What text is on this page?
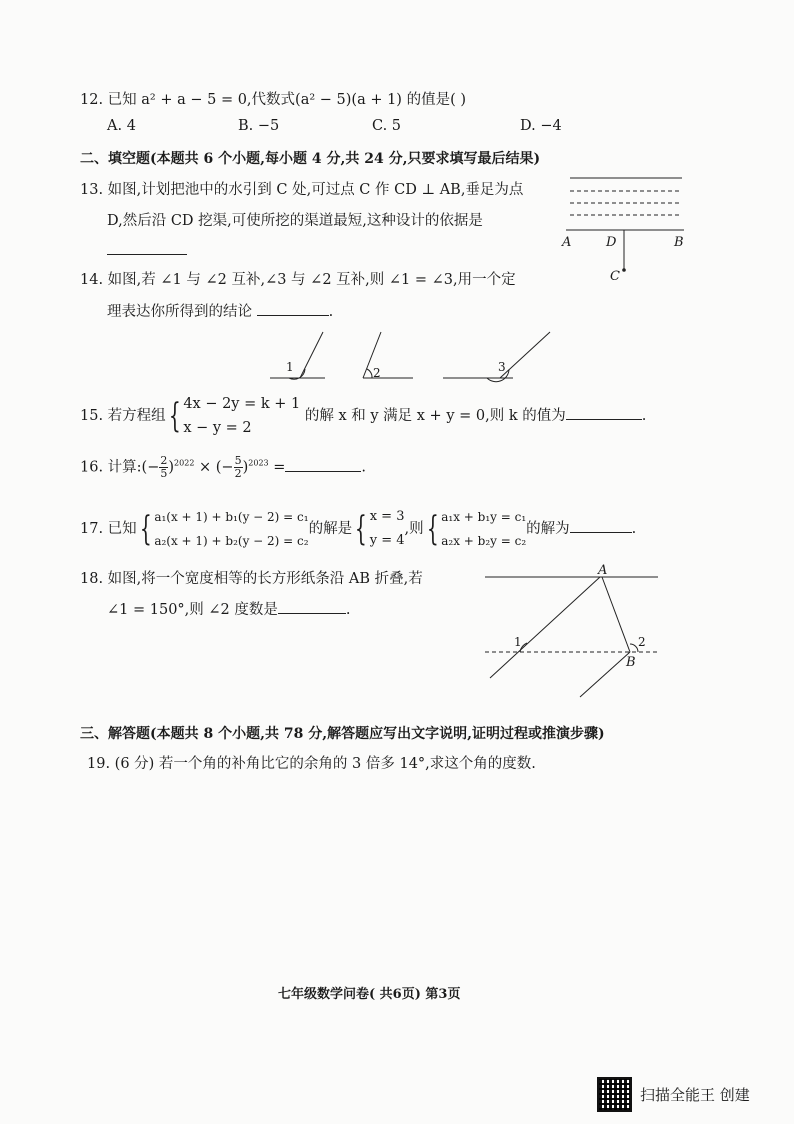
12. 已知 a² + a − 5 = 0,代数式(a² − 5)(a + 1) 的值是( )
A. 4	B. −5	C. 5	D. −4
二、填空题(本题共 6 个小题,每小题 4 分,共 24 分,只要求填写最后结果)
13. 如图,计划把池中的水引到 C 处,可过点 C 作 CD ⊥ AB,垂足为点
D,然后沿 CD 挖渠,可使所挖的渠道最短,这种设计的依据是
A	D	B
C
14. 如图,若 ∠1 与 ∠2 互补,∠3 与 ∠2 互补,则 ∠1 = ∠3,用一个定
理表达你所得到的结论	.
1	2	3
15. 若方程组{ 4x − 2y = k + 1
x − y = 2
的解 x 和 y 满足 x + y = 0,则 k 的值为	.
16. 计算:(− $\frac{2}{5} )^{2022}$ × (− $\frac{5}{2} )^{2023}$ =	.
17. 已知{ a₁(x + 1) + b₁(y − 2) = c₁
a₂(x + 1) + b₂(y − 2) = c₂
的解是{ x = 3
y = 4
,则{ a₁x + b₁y = c₁
a₂x + b₂y = c₂
的解为	.
18. 如图,将一个宽度相等的长方形纸条沿 AB 折叠,若
∠1 = 150°,则 ∠2 度数是	.
A
B
1	2
三、解答题(本题共 8 个小题,共 78 分,解答题应写出文字说明,证明过程或推演步骤)
19. (6 分) 若一个角的补角比它的余角的 3 倍多 14°,求这个角的度数.
七年级数学问卷( 共6页) 第3页
扫描全能王 创建
